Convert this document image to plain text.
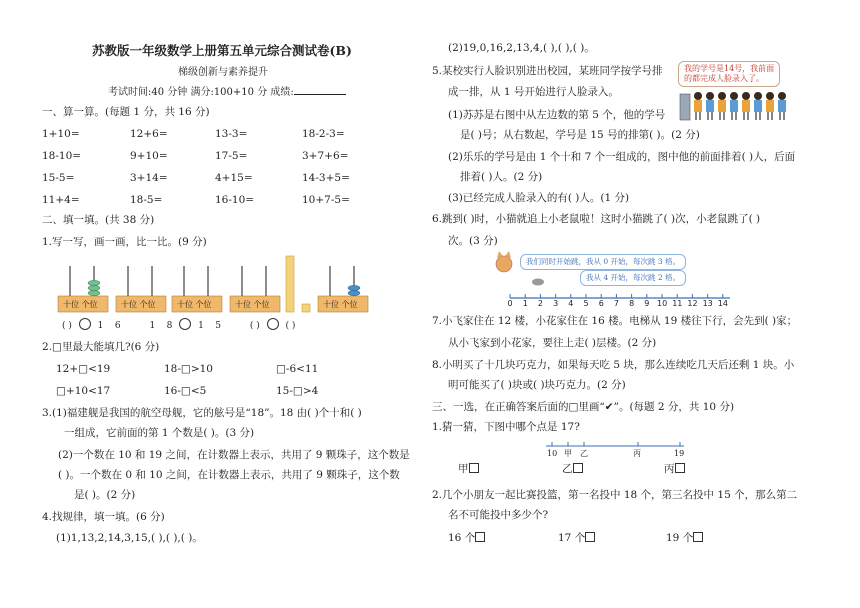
苏教版一年级数学上册第五单元综合测试卷(B)
梯级创新与素养提升
考试时间:40 分钟 满分:100+10 分 成绩:
一、算一算。(每题 1 分，共 16 分)
1+10=	12+6=	13-3=	18-2-3=
18-10=	9+10=	17-5=	3+7+6=
15-5=	3+14=	4+15=	14-3+5=
11+4=	18-5=	16-10=	10+7-5=
二、填一填。(共 38 分)
1.写一写，画一画，比一比。(9 分)
十位 个位	十位 个位	十位 个位	十位 个位	十位 个位
( )	1 6	1 8	1 5	( )	( )
2.□里最大能填几?(6 分)
12+□<19	18-□>10	□-6<11
□+10<17	16-□<5	15-□>4
3.(1)福建舰是我国的航空母舰，它的舷号是“18”。18 由( )个十和( )
一组成，它前面的第 1 个数是( )。(3 分)
(2)一个数在 10 和 19 之间，在计数器上表示，共用了 9 颗珠子，这个数是
( )。一个数在 0 和 10 之间，在计数器上表示，共用了 9 颗珠子，这个数
是( )。(2 分)
4.找规律，填一填。(6 分)
(1)1,13,2,14,3,15,( ),( ),( )。
(2)19,0,16,2,13,4,( ),( ),( )。
5.某校实行人脸识别进出校园，某班同学按学号排
成一排，从 1 号开始进行人脸录入。
我的学号是14号，我前面
的都完成人脸录入了。
(1)苏苏是右图中从左边数的第 5 个，他的学号
是( )号；从右数起，学号是 15 号的排第( )。(2 分)
(2)乐乐的学号是由 1 个十和 7 个一组成的，图中他的前面排着( )人，后面
排着( )人。(2 分)
(3)已经完成人脸录入的有( )人。(1 分)
6.跳到( )时，小猫就追上小老鼠啦！这时小猫跳了( )次，小老鼠跳了( )
次。(3 分)
0 1 2 3 4 5 6 7 8 9 10 11 12 13 14
我们同时开始跳，我从 0 开始，每次跳 3 格。
我从 4 开始，每次跳 2 格。
7.小飞家住在 12 楼，小花家住在 16 楼。电梯从 19 楼往下行，会先到( )家；
从小飞家到小花家，要往上走( )层楼。(2 分)
8.小明买了十几块巧克力，如果每天吃 5 块，那么连续吃几天后还剩 1 块。小
明可能买了( )块或( )块巧克力。(2 分)
三、一选，在正确答案后面的□里画“✔”。(每题 2 分，共 10 分)
1.猜一猜，下图中哪个点是 17?
10 甲 乙	丙	19
甲	乙	丙
2.几个小朋友一起比赛投篮，第一名投中 18 个，第三名投中 15 个，那么第二
名不可能投中多少个?
16 个	17 个	19 个
